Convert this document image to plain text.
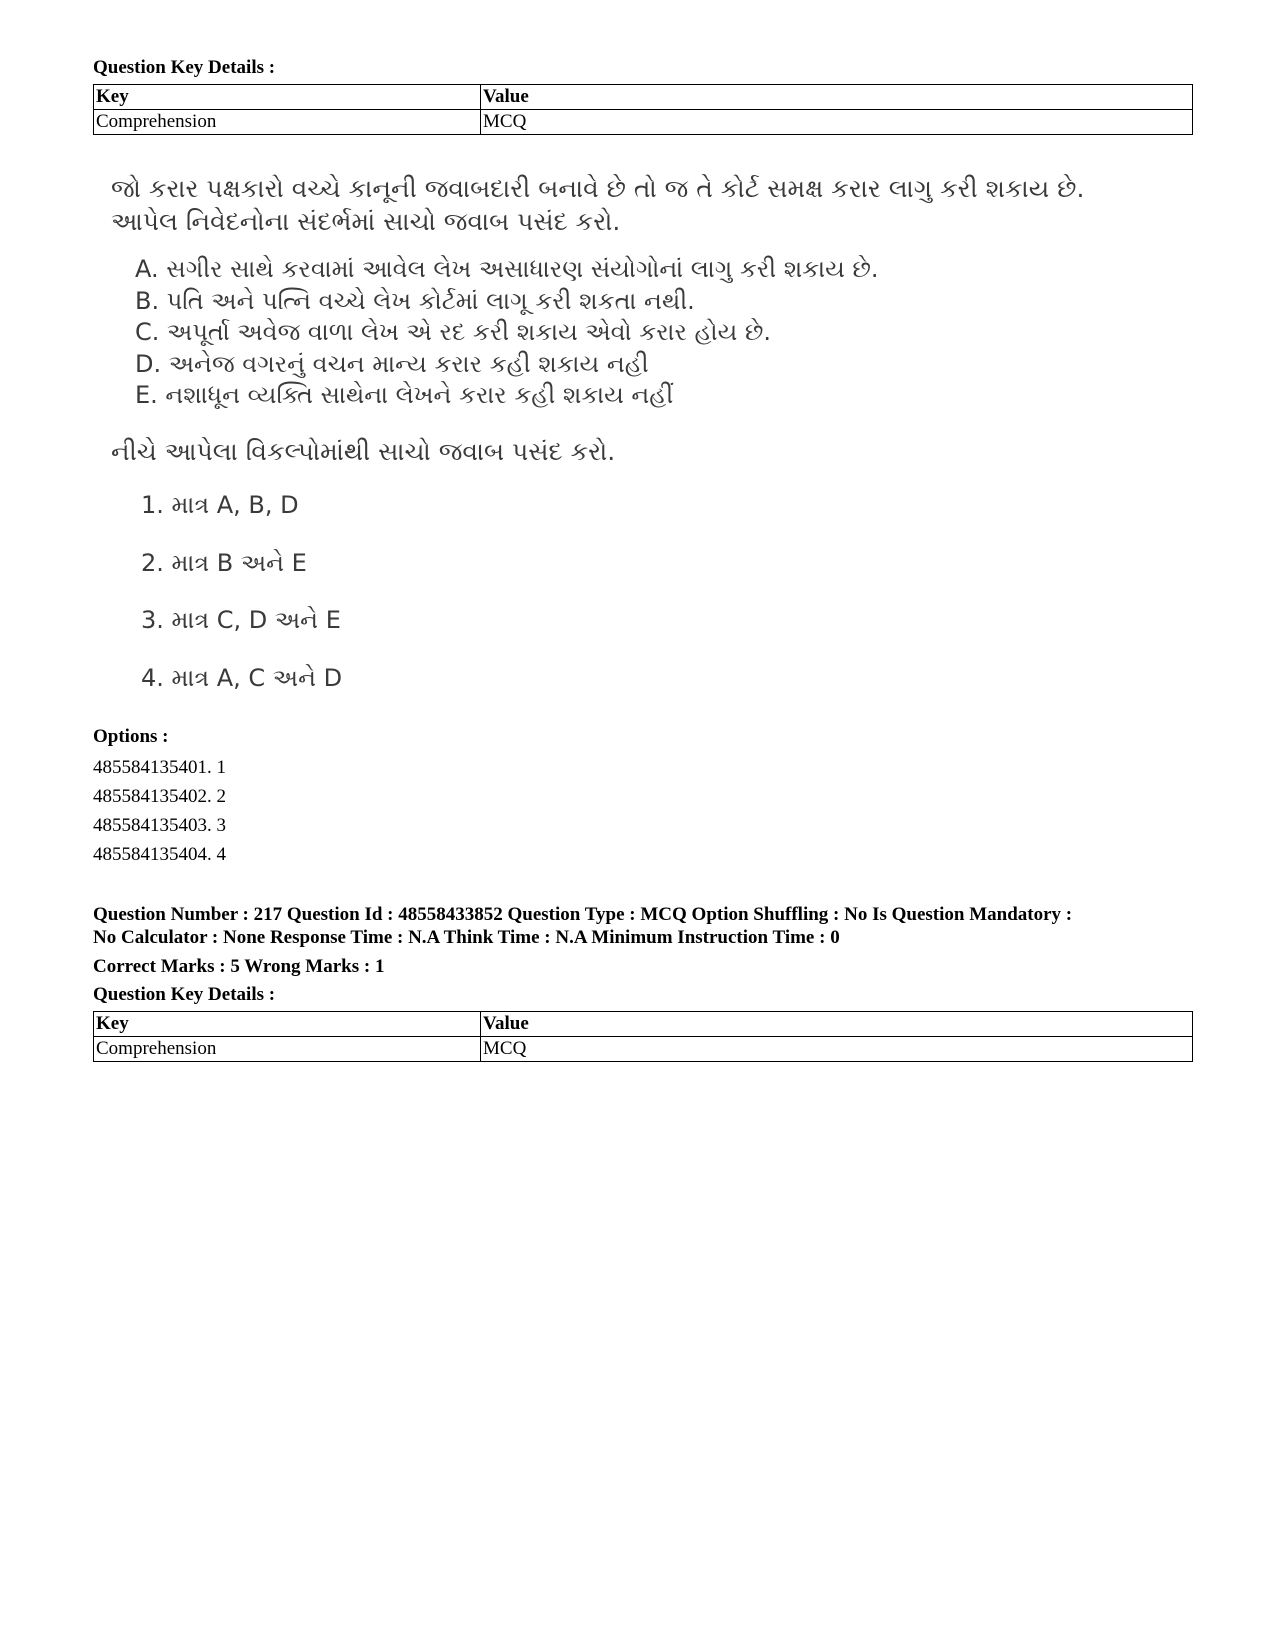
Question Key Details :
Key	Value
Comprehension	MCQ
જો કરાર પક્ષકારો વચ્ચે કાનૂની જવાબદારી બનાવે છે તો જ તે કોર્ટ સમક્ષ કરાર લાગુ કરી શકાય છે. આપેલ નિવેદનોના સંદર્ભમાં સાચો જવાબ પસંદ કરો.
A. સગીર સાથે કરવામાં આવેલ લેખ અસાધારણ સંયોગોનાં લાગુ કરી શકાય છે.
B. પતિ અને પત્નિ વચ્ચે લેખ કોર્ટમાં લાગૂ કરી શકતા નથી.
C. અપૂર્તા અવેજ વાળા લેખ એ રદ કરી શકાય એવો કરાર હોય છે.
D. અનેજ વગરનું વચન માન્ય કરાર કહી શકાય નહી
E. નશાધૂન વ્યક્તિ સાથેના લેખને કરાર કહી શકાય નહીં
નીચે આપેલા વિકલ્પોમાંથી સાચો જવાબ પસંદ કરો.
1. માત્ર A, B, D
2. માત્ર B અને E
3. માત્ર C, D અને E
4. માત્ર A, C અને D
Options :
485584135401. 1
485584135402. 2
485584135403. 3
485584135404. 4
Question Number : 217 Question Id : 48558433852 Question Type : MCQ Option Shuffling : No Is Question Mandatory :
No Calculator : None Response Time : N.A Think Time : N.A Minimum Instruction Time : 0
Correct Marks : 5 Wrong Marks : 1
Question Key Details :
Key	Value
Comprehension	MCQ
